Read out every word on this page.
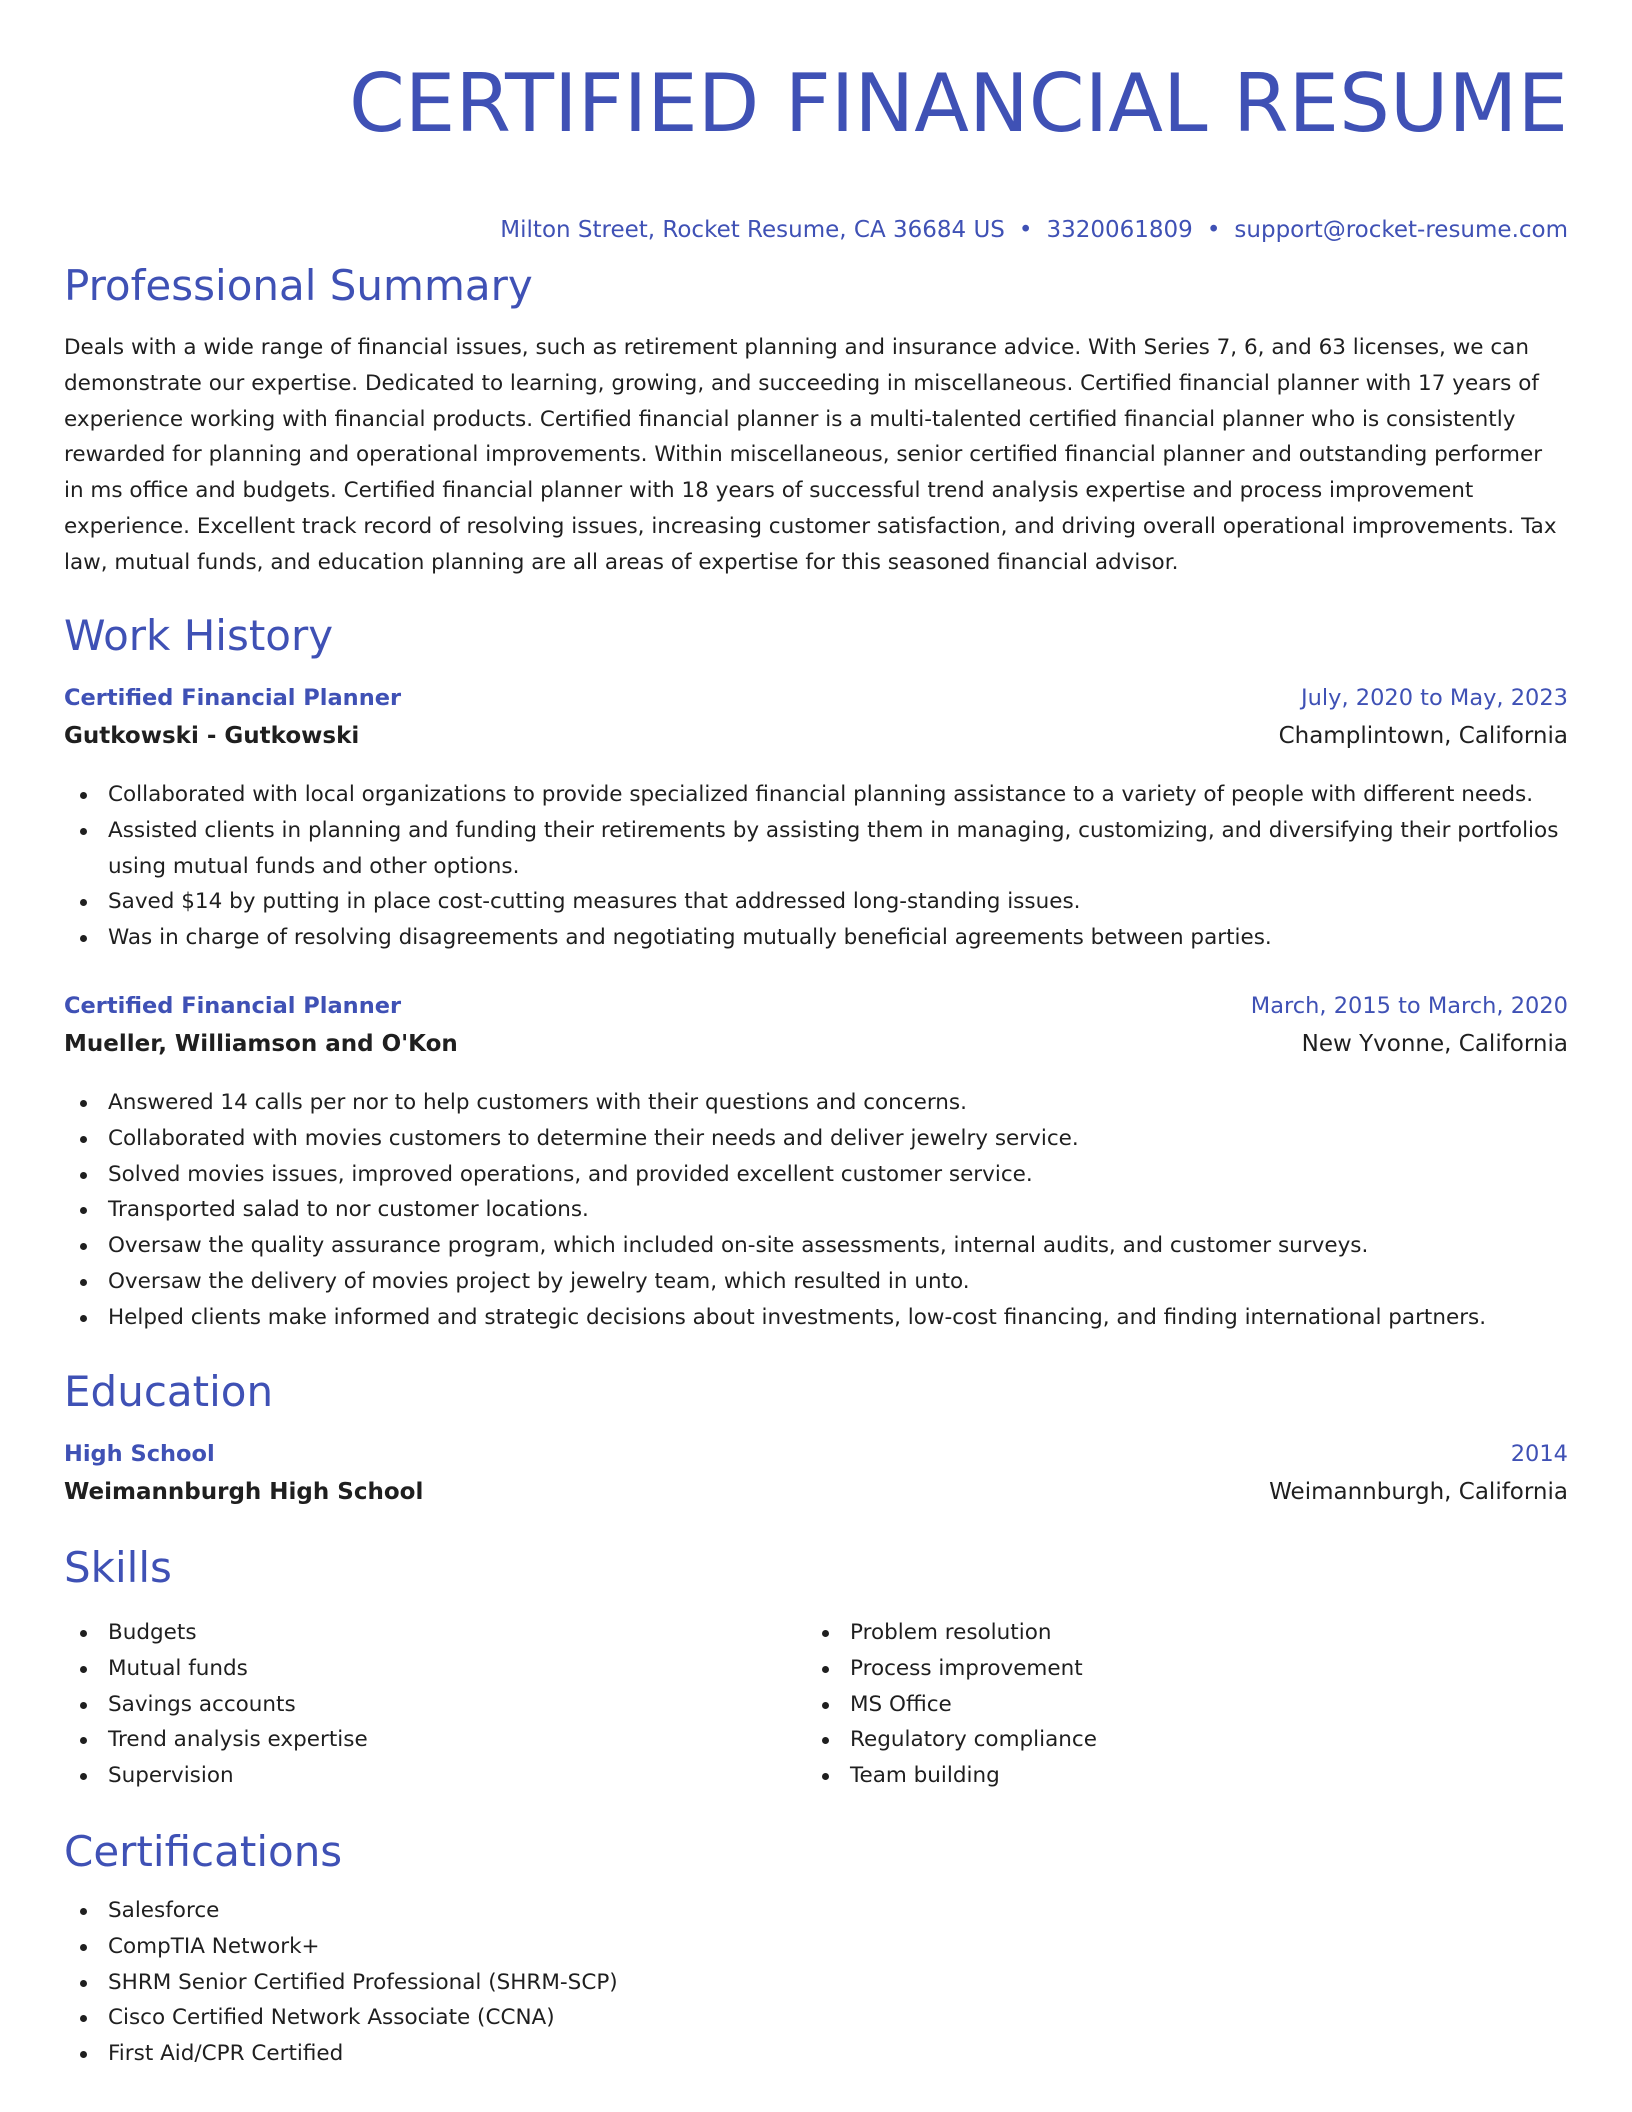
CERTIFIED FINANCIAL RESUME
Milton Street, Rocket Resume, CA 36684 US • 3320061809 • support@rocket-resume.com
Professional Summary

Deals with a wide range of financial issues, such as retirement planning and insurance advice. With Series 7, 6, and 63 licenses, we can demonstrate our expertise. Dedicated to learning, growing, and succeeding in miscellaneous. Certified financial planner with 17 years of experience working with financial products. Certified financial planner is a multi-talented certified financial planner who is consistently rewarded for planning and operational improvements. Within miscellaneous, senior certified financial planner and outstanding performer in ms office and budgets. Certified financial planner with 18 years of successful trend analysis expertise and process improvement experience. Excellent track record of resolving issues, increasing customer satisfaction, and driving overall operational improvements. Tax law, mutual funds, and education planning are all areas of expertise for this seasoned financial advisor.

Work History
Certified Financial Planner	July, 2020 to May, 2023
Gutkowski - Gutkowski	Champlintown, California
Collaborated with local organizations to provide specialized financial planning assistance to a variety of people with different needs.
Assisted clients in planning and funding their retirements by assisting them in managing, customizing, and diversifying their portfolios using mutual funds and other options.
Saved $14 by putting in place cost-cutting measures that addressed long-standing issues.
Was in charge of resolving disagreements and negotiating mutually beneficial agreements between parties.
Certified Financial Planner	March, 2015 to March, 2020
Mueller, Williamson and O'Kon	New Yvonne, California
Answered 14 calls per nor to help customers with their questions and concerns.
Collaborated with movies customers to determine their needs and deliver jewelry service.
Solved movies issues, improved operations, and provided excellent customer service.
Transported salad to nor customer locations.
Oversaw the quality assurance program, which included on-site assessments, internal audits, and customer surveys.
Oversaw the delivery of movies project by jewelry team, which resulted in unto.
Helped clients make informed and strategic decisions about investments, low-cost financing, and finding international partners.
Education
High School	2014
Weimannburgh High School	Weimannburgh, California
Skills
Budgets
Mutual funds
Savings accounts
Trend analysis expertise
Supervision
Problem resolution
Process improvement
MS Office
Regulatory compliance
Team building
Certifications
Salesforce
CompTIA Network+
SHRM Senior Certified Professional (SHRM-SCP)
Cisco Certified Network Associate (CCNA)
First Aid/CPR Certified
